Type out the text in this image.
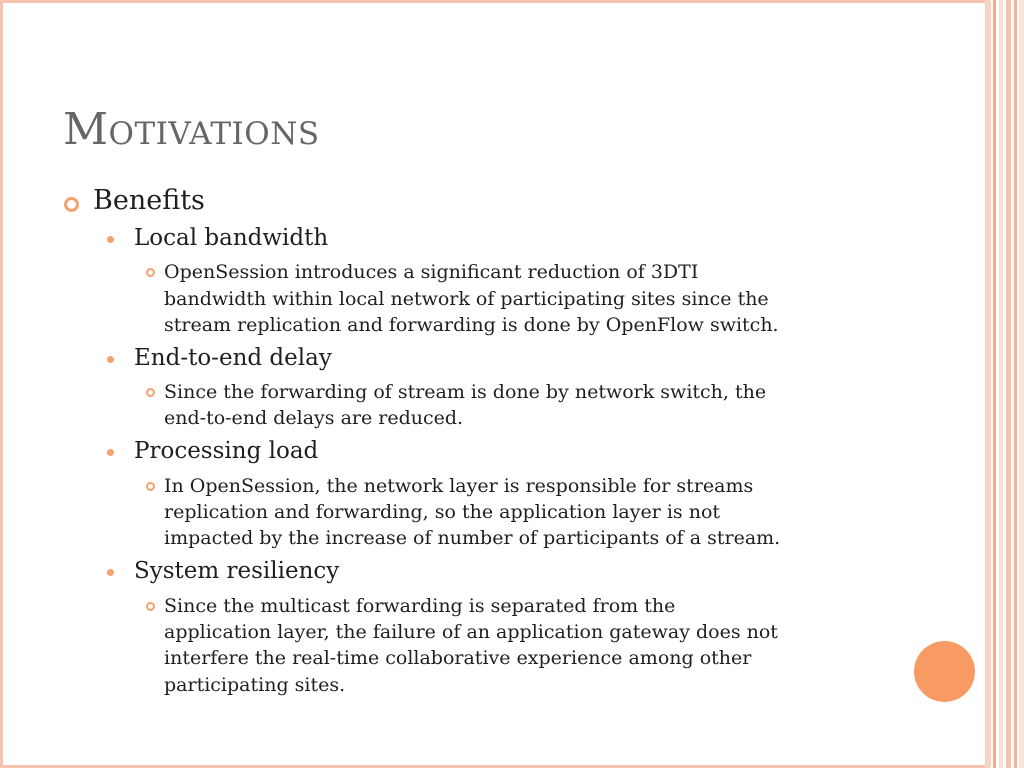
Motivations
Benefits
Local bandwidth
OpenSession introduces a significant reduction of 3DTI
bandwidth within local network of participating sites since the
stream replication and forwarding is done by OpenFlow switch.
End-to-end delay
Since the forwarding of stream is done by network switch, the
end-to-end delays are reduced.
Processing load
In OpenSession, the network layer is responsible for streams
replication and forwarding, so the application layer is not
impacted by the increase of number of participants of a stream.
System resiliency
Since the multicast forwarding is separated from the
application layer, the failure of an application gateway does not
interfere the real-time collaborative experience among other
participating sites.
